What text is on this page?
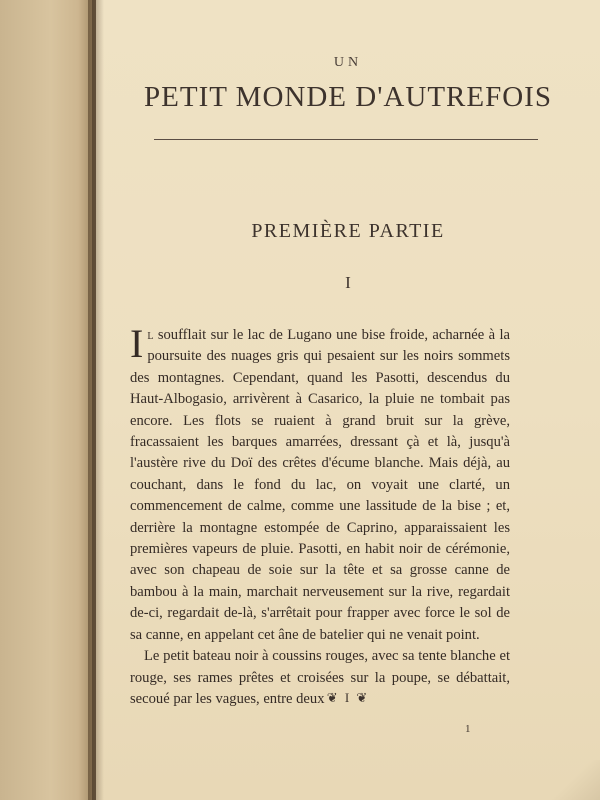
UN
PETIT MONDE D'AUTREFOIS
PREMIÈRE PARTIE
I

Il soufflait sur le lac de Lugano une bise froide, acharnée à la poursuite des nuages gris qui pesaient sur les noirs sommets des montagnes. Cependant, quand les Pasotti, descendus du Haut-Albogasio, arrivèrent à Casarico, la pluie ne tombait pas encore. Les flots se ruaient à grand bruit sur la grève, fracassaient les barques amarrées, dressant çà et là, jusqu'à l'austère rive du Doï des crêtes d'écume blanche. Mais déjà, au couchant, dans le fond du lac, on voyait une clarté, un commencement de calme, comme une lassitude de la bise ; et, derrière la montagne estompée de Caprino, apparaissaient les premières vapeurs de pluie. Pasotti, en habit noir de cérémonie, avec son chapeau de soie sur la tête et sa grosse canne de bambou à la main, marchait nerveusement sur la rive, regardait de-ci, regardait de-là, s'arrêtait pour frapper avec force le sol de sa canne, en appelant cet âne de batelier qui ne venait point.

Le petit bateau noir à coussins rouges, avec sa tente blanche et rouge, ses rames prêtes et croisées sur la poupe, se débattait, secoué par les vagues, entre deux ❦ I ❦
1
